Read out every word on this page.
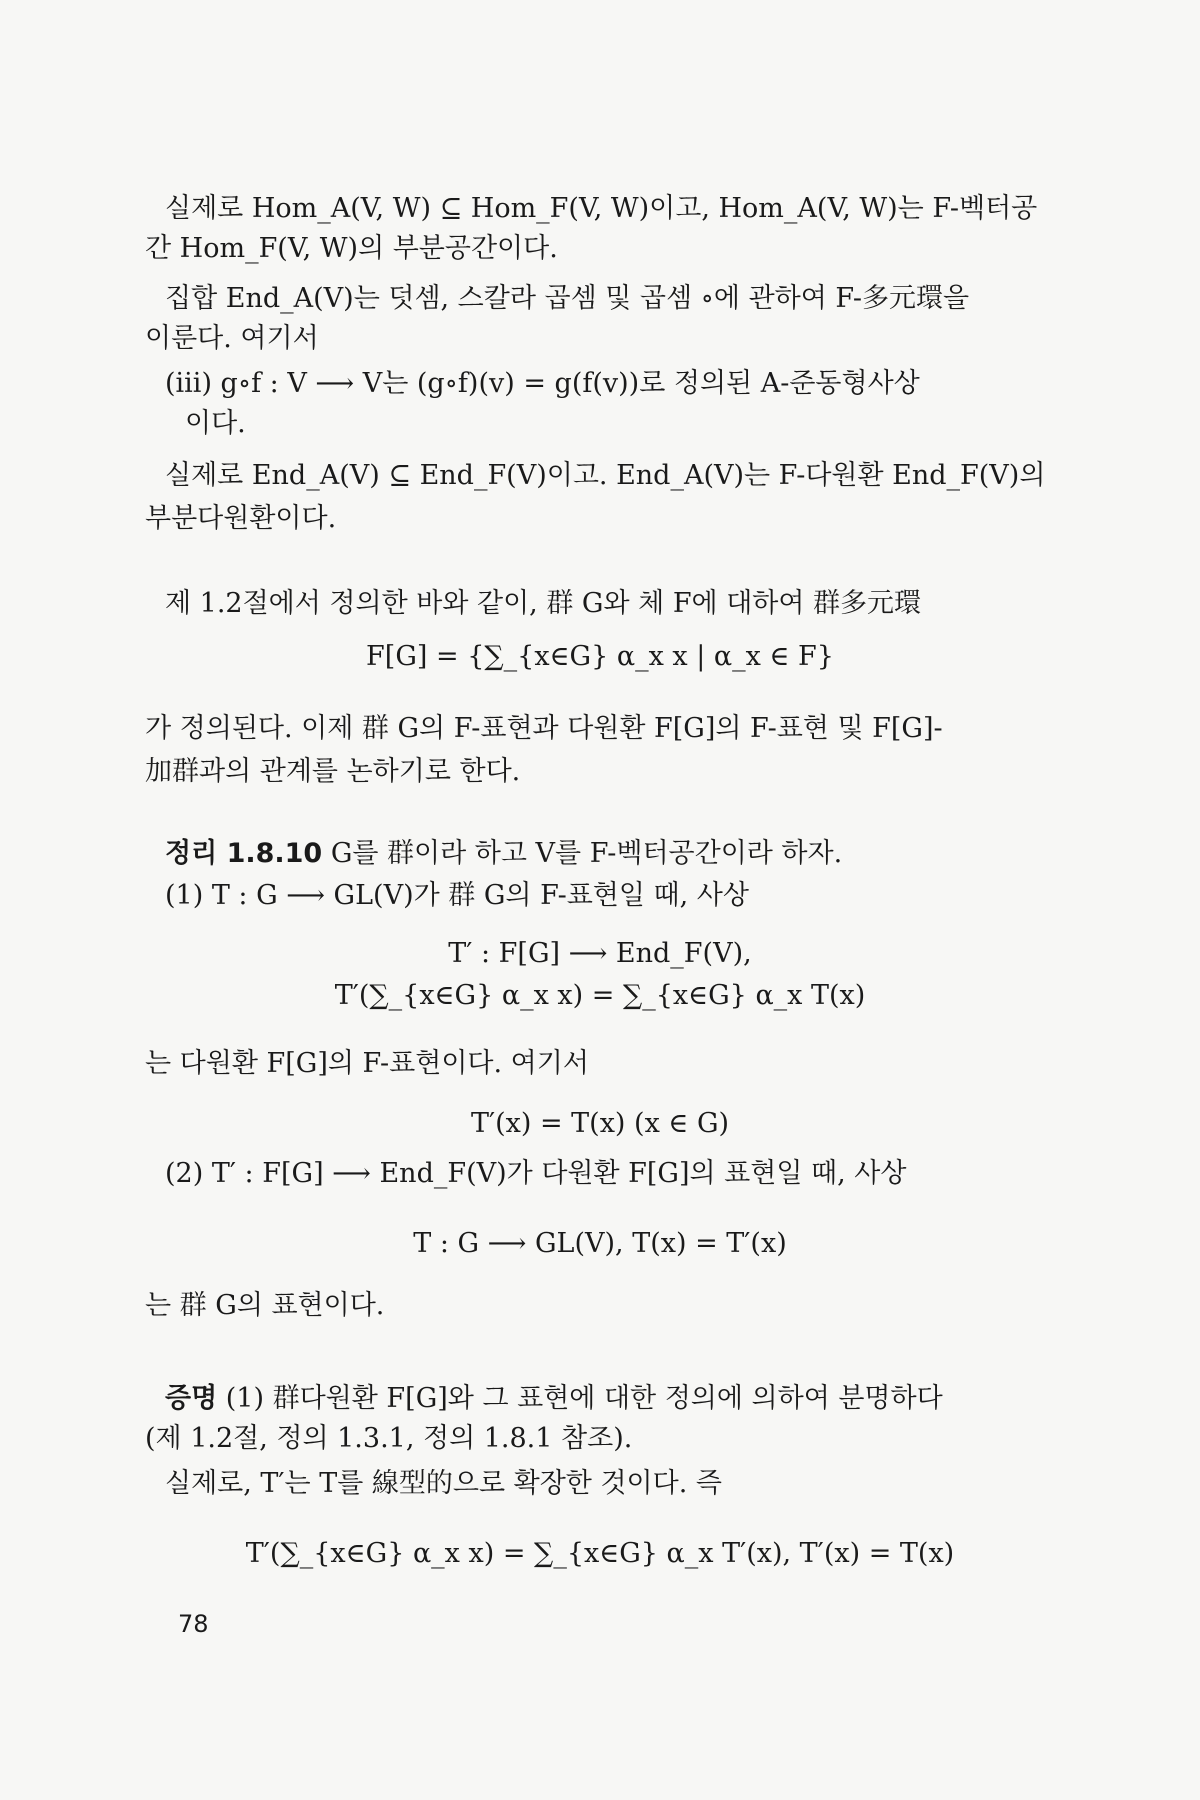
실제로 Hom_A(V, W) ⊆ Hom_F(V, W)이고, Hom_A(V, W)는 F-벡터공
간 Hom_F(V, W)의 부분공간이다.
집합 End_A(V)는 덧셈, 스칼라 곱셈 및 곱셈 ∘에 관하여 F-多元環을
이룬다. 여기서
(iii) g∘f : V ⟶ V는 (g∘f)(v) = g(f(v))로 정의된 A-준동형사상
이다.
실제로 End_A(V) ⊆ End_F(V)이고. End_A(V)는 F-다원환 End_F(V)의
부분다원환이다.
제 1.2절에서 정의한 바와 같이, 群 G와 체 F에 대하여 群多元環
F[G] = {∑_{x∈G} α_x x | α_x ∈ F}
가 정의된다. 이제 群 G의 F-표현과 다원환 F[G]의 F-표현 및 F[G]-
加群과의 관계를 논하기로 한다.
정리 1.8.10 G를 群이라 하고 V를 F-벡터공간이라 하자.
(1) T : G ⟶ GL(V)가 群 G의 F-표현일 때, 사상
T′ : F[G] ⟶ End_F(V),
T′(∑_{x∈G} α_x x) = ∑_{x∈G} α_x T(x)
는 다원환 F[G]의 F-표현이다. 여기서
T′(x) = T(x) (x ∈ G)
(2) T′ : F[G] ⟶ End_F(V)가 다원환 F[G]의 표현일 때, 사상
T : G ⟶ GL(V), T(x) = T′(x)
는 群 G의 표현이다.
증명 (1) 群다원환 F[G]와 그 표현에 대한 정의에 의하여 분명하다
(제 1.2절, 정의 1.3.1, 정의 1.8.1 참조).
실제로, T′는 T를 線型的으로 확장한 것이다. 즉
T′(∑_{x∈G} α_x x) = ∑_{x∈G} α_x T′(x), T′(x) = T(x)
78
